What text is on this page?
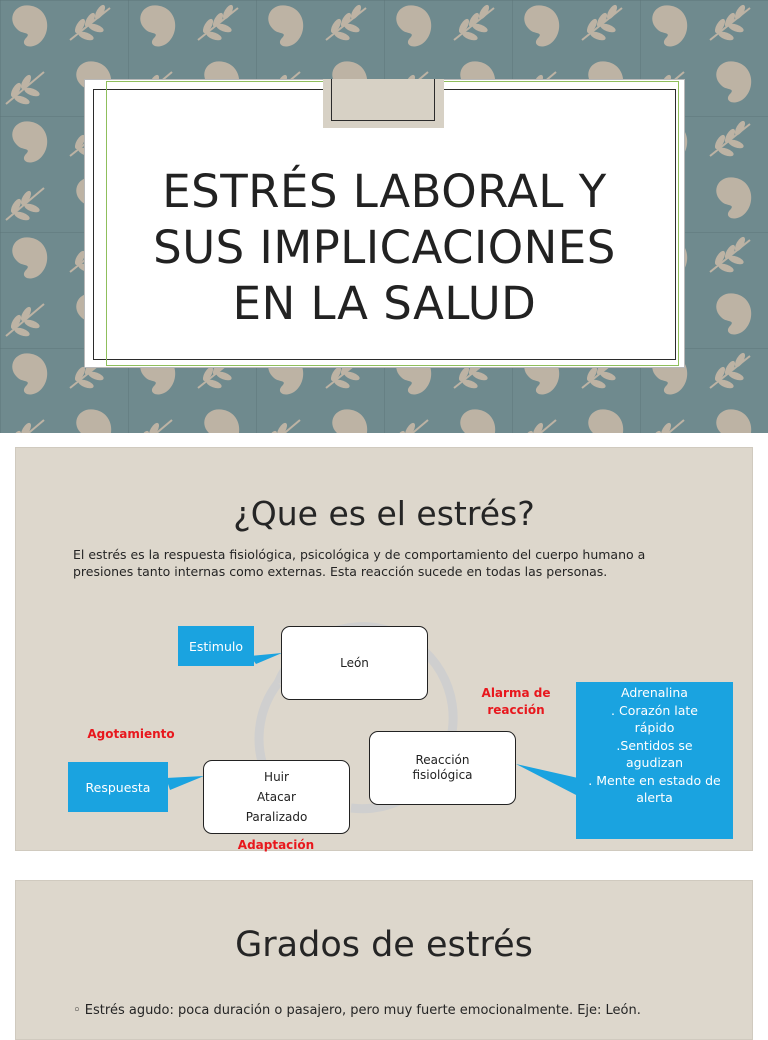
ESTRÉS LABORAL Y
SUS IMPLICACIONES
EN LA SALUD
¿Que es el estrés?
El estrés es la respuesta fisiológica, psicológica y de comportamiento del cuerpo humano a presiones tanto internas como externas. Esta reacción sucede en todas las personas.
León
Reacción fisiológica
Huir
Atacar
Paralizado
Estimulo
Respuesta
Adrenalina
. Corazón late rápido
.Sentidos se agudizan
. Mente en estado de alerta
Alarma de reacción
Agotamiento
Adaptación
Grados de estrés
◦ Estrés agudo: poca duración o pasajero, pero muy fuerte emocionalmente. Eje: León.
